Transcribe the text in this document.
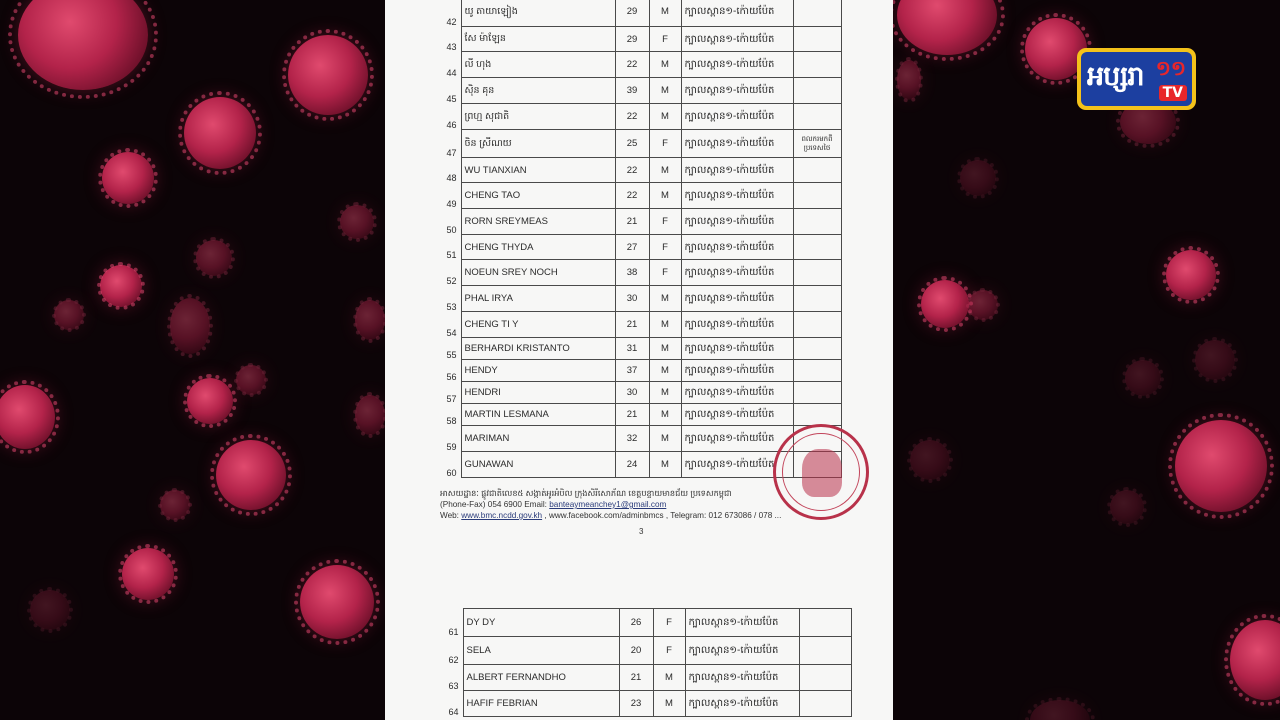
42	យូ តាយាឡៀង	29	M	ក្បាលស្ពាន១-ក៉ោយប៉ែត	
43	សែ ម៉ាឡែន	29	F	ក្បាលស្ពាន១-ក៉ោយប៉ែត	
44	លី ហុង	22	M	ក្បាលស្ពាន១-ក៉ោយប៉ែត	
45	ស៊ិន គុន	39	M	ក្បាលស្ពាន១-ក៉ោយប៉ែត	
46	ព្រហ្ម សុជាតិ	22	M	ក្បាលស្ពាន១-ក៉ោយប៉ែត	
47	ចិន ស្រីណយ	25	F	ក្បាលស្ពាន១-ក៉ោយប៉ែត	ពលករមកពីប្រទេសថៃ
48	WU TIANXIAN	22	M	ក្បាលស្ពាន១-ក៉ោយប៉ែត	
49	CHENG TAO	22	M	ក្បាលស្ពាន១-ក៉ោយប៉ែត	
50	RORN SREYMEAS	21	F	ក្បាលស្ពាន១-ក៉ោយប៉ែត	
51	CHENG THYDA	27	F	ក្បាលស្ពាន១-ក៉ោយប៉ែត	
52	NOEUN SREY NOCH	38	F	ក្បាលស្ពាន១-ក៉ោយប៉ែត	
53	PHAL IRYA	30	M	ក្បាលស្ពាន១-ក៉ោយប៉ែត	
54	CHENG TI Y	21	M	ក្បាលស្ពាន១-ក៉ោយប៉ែត	
55	BERHARDI KRISTANTO	31	M	ក្បាលស្ពាន១-ក៉ោយប៉ែត	
56	HENDY	37	M	ក្បាលស្ពាន១-ក៉ោយប៉ែត	
57	HENDRI	30	M	ក្បាលស្ពាន១-ក៉ោយប៉ែត	
58	MARTIN LESMANA	21	M	ក្បាលស្ពាន១-ក៉ោយប៉ែត	
59	MARIMAN	32	M	ក្បាលស្ពាន១-ក៉ោយប៉ែត	
60	GUNAWAN	24	M	ក្បាលស្ពាន១-ក៉ោយប៉ែត	
អាសយដ្ឋានៈ ផ្លូវជាតិលេខ៥ សង្កាត់អូរអំបិល ក្រុងសិរីសោភ័ណ ខេត្តបន្ទាយមានជ័យ ប្រទេសកម្ពុជា
(Phone-Fax) 054 6900 Email: banteaymeanchey1@gmail.com
Web: www.bmc.ncdd.gov.kh , www.facebook.com/adminbmcs , Telegram: 012 673086 / 078 ...
3
61	DY DY	26	F	ក្បាលស្ពាន១-ក៉ោយប៉ែត	
62	SELA	20	F	ក្បាលស្ពាន១-ក៉ោយប៉ែត	
63	ALBERT FERNANDHO	21	M	ក្បាលស្ពាន១-ក៉ោយប៉ែត	
64	HAFIF FEBRIAN	23	M	ក្បាលស្ពាន១-ក៉ោយប៉ែត	
អប្សរា ១១
TV
